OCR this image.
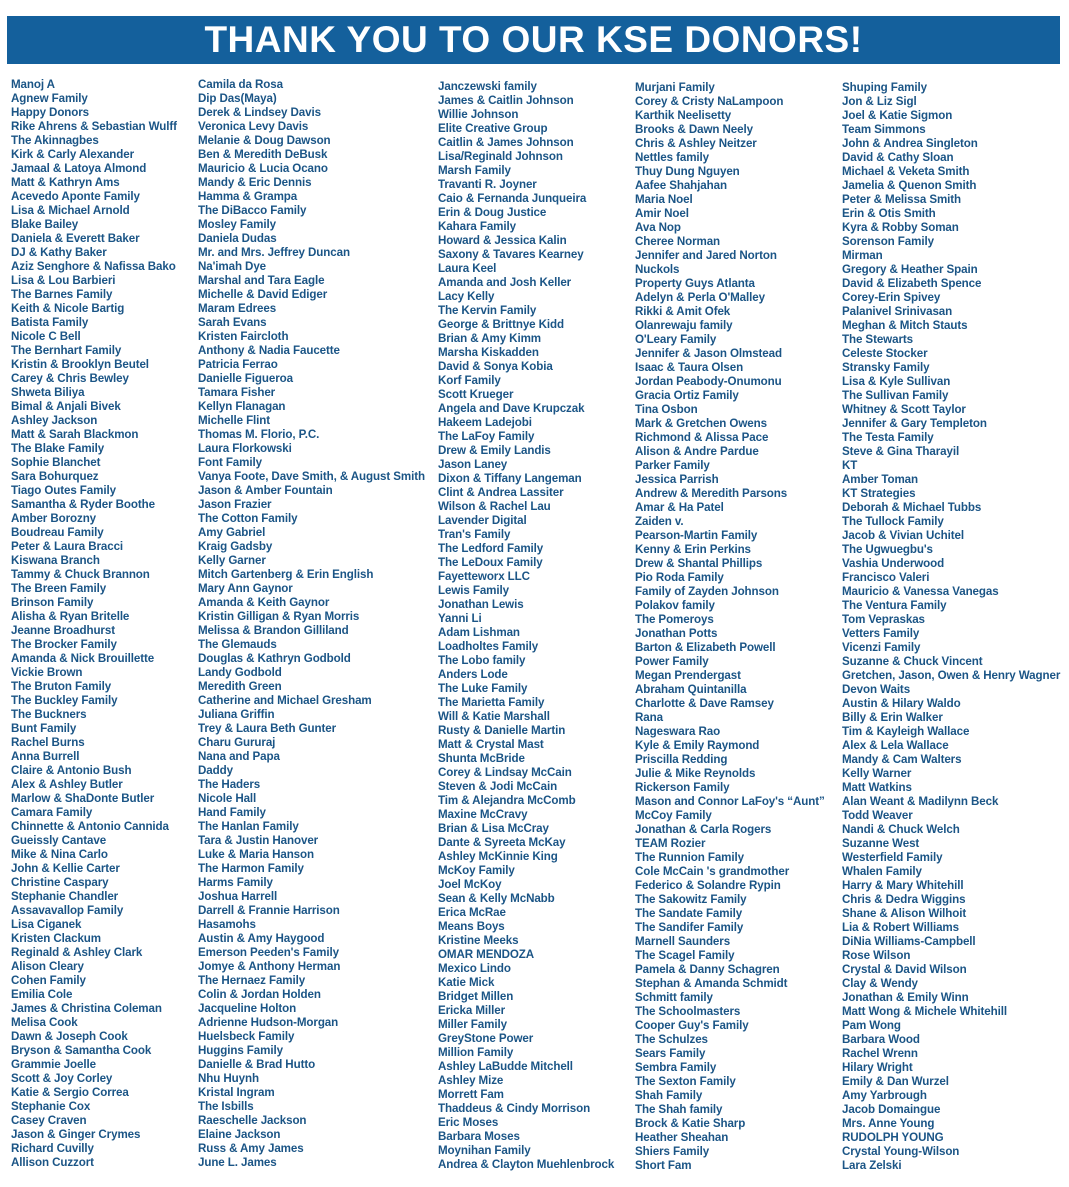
THANK YOU TO OUR KSE DONORS!
Manoj A
Agnew Family
Happy Donors
Rike Ahrens & Sebastian Wulff
The Akinnagbes
Kirk & Carly Alexander
Jamaal & Latoya Almond
Matt & Kathryn Ams
Acevedo Aponte Family
Lisa & Michael Arnold
Blake Bailey
Daniela & Everett Baker
DJ & Kathy Baker
Aziz Senghore & Nafissa Bako
Lisa & Lou Barbieri
The Barnes Family
Keith & Nicole Bartig
Batista Family
Nicole C Bell
The Bernhart Family
Kristin & Brooklyn Beutel
Carey & Chris Bewley
Shweta Biliya
Bimal & Anjali Bivek
Ashley Jackson
Matt & Sarah Blackmon
The Blake Family
Sophie Blanchet
Sara Bohurquez
Tiago Outes Family
Samantha & Ryder Boothe
Amber Borozny
Boudreau Family
Peter & Laura Bracci
Kiswana Branch
Tammy & Chuck Brannon
The Breen Family
Brinson Family
Alisha & Ryan Britelle
Jeanne Broadhurst
The Brocker Family
Amanda & Nick Brouillette
Vickie Brown
The Bruton Family
The Buckley Family
The Buckners
Bunt Family
Rachel Burns
Anna Burrell
Claire & Antonio Bush
Alex & Ashley Butler
Marlow & ShaDonte Butler
Camara Family
Chinnette & Antonio Cannida
Gueissly Cantave
Mike & Nina Carlo
John & Kellie Carter
Christine Caspary
Stephanie Chandler
Assavavallop Family
Lisa Ciganek
Kristen Clackum
Reginald & Ashley Clark
Alison Cleary
Cohen Family
Emilia Cole
James & Christina Coleman
Melisa Cook
Dawn & Joseph Cook
Bryson & Samantha Cook
Grammie Joelle
Scott & Joy Corley
Katie & Sergio Correa
Stephanie Cox
Casey Craven
Jason & Ginger Crymes
Richard Cuvilly
Allison Cuzzort
Camila da Rosa
Dip Das(Maya)
Derek & Lindsey Davis
Veronica Levy Davis
Melanie & Doug Dawson
Ben & Meredith DeBusk
Mauricio & Lucia Ocano
Mandy & Eric Dennis
Hamma & Grampa
The DiBacco Family
Mosley Family
Daniela Dudas
Mr. and Mrs. Jeffrey Duncan
Na'imah Dye
Marshal and Tara Eagle
Michelle & David Ediger
Maram Edrees
Sarah Evans
Kristen Faircloth
Anthony & Nadia Faucette
Patricia Ferrao
Danielle Figueroa
Tamara Fisher
Kellyn Flanagan
Michelle Flint
Thomas M. Florio, P.C.
Laura Florkowski
Font Family
Vanya Foote, Dave Smith, & August Smith
Jason & Amber Fountain
Jason Frazier
The Cotton Family
Amy Gabriel
Kraig Gadsby
Kelly Garner
Mitch Gartenberg & Erin English
Mary Ann Gaynor
Amanda & Keith Gaynor
Kristin Gilligan & Ryan Morris
Melissa & Brandon Gilliland
The Glemauds
Douglas & Kathryn Godbold
Landy Godbold
Meredith Green
Catherine and Michael Gresham
Juliana Griffin
Trey & Laura Beth Gunter
Charu Gururaj
Nana and Papa
Daddy
The Haders
Nicole Hall
Hand Family
The Hanlan Family
Tara & Justin Hanover
Luke & Maria Hanson
The Harmon Family
Harms Family
Joshua Harrell
Darrell & Frannie Harrison
Hasamohs
Austin & Amy Haygood
Emerson Peeden's Family
Jomye & Anthony Herman
The Hernaez Family
Colin & Jordan Holden
Jacqueline Holton
Adrienne Hudson-Morgan
Huelsbeck Family
Huggins Family
Danielle & Brad Hutto
Nhu Huynh
Kristal Ingram
The Isbills
Raeschelle Jackson
Elaine Jackson
Russ & Amy James
June L. James
Janczewski family
James & Caitlin Johnson
Willie Johnson
Elite Creative Group
Caitlin & James Johnson
Lisa/Reginald Johnson
Marsh Family
Travanti R. Joyner
Caio & Fernanda Junqueira
Erin & Doug Justice
Kahara Family
Howard & Jessica Kalin
Saxony & Tavares Kearney
Laura Keel
Amanda and Josh Keller
Lacy Kelly
The Kervin Family
George & Brittnye Kidd
Brian & Amy Kimm
Marsha Kiskadden
David & Sonya Kobia
Korf Family
Scott Krueger
Angela and Dave Krupczak
Hakeem Ladejobi
The LaFoy Family
Drew & Emily Landis
Jason Laney
Dixon & Tiffany Langeman
Clint & Andrea Lassiter
Wilson & Rachel Lau
Lavender Digital
Tran's Family
The Ledford Family
The LeDoux Family
Fayetteworx LLC
Lewis Family
Jonathan Lewis
Yanni Li
Adam Lishman
Loadholtes Family
The Lobo family
Anders Lode
The Luke Family
The Marietta Family
Will & Katie Marshall
Rusty & Danielle Martin
Matt & Crystal Mast
Shunta McBride
Corey & Lindsay McCain
Steven & Jodi McCain
Tim & Alejandra McComb
Maxine McCravy
Brian & Lisa McCray
Dante & Syreeta McKay
Ashley McKinnie King
McKoy Family
Joel McKoy
Sean & Kelly McNabb
Erica McRae
Means Boys
Kristine Meeks
OMAR MENDOZA
Mexico Lindo
Katie Mick
Bridget Millen
Ericka Miller
Miller Family
GreyStone Power
Million Family
Ashley LaBudde Mitchell
Ashley Mize
Morrett Fam
Thaddeus & Cindy Morrison
Eric Moses
Barbara Moses
Moynihan Family
Andrea & Clayton Muehlenbrock
Murjani Family
Corey & Cristy NaLampoon
Karthik Neelisetty
Brooks & Dawn Neely
Chris & Ashley Neitzer
Nettles family
Thuy Dung Nguyen
Aafee Shahjahan
Maria Noel
Amir Noel
Ava Nop
Cheree Norman
Jennifer and Jared Norton
Nuckols
Property Guys Atlanta
Adelyn & Perla O'Malley
Rikki & Amit Ofek
Olanrewaju family
O'Leary Family
Jennifer & Jason Olmstead
Isaac & Taura Olsen
Jordan Peabody-Onumonu
Gracia Ortiz Family
Tina Osbon
Mark & Gretchen Owens
Richmond & Alissa Pace
Alison & Andre Pardue
Parker Family
Jessica Parrish
Andrew & Meredith Parsons
Amar & Ha Patel
Zaiden v.
Pearson-Martin Family
Kenny & Erin Perkins
Drew & Shantal Phillips
Pio Roda Family
Family of Zayden Johnson
Polakov family
The Pomeroys
Jonathan Potts
Barton & Elizabeth Powell
Power Family
Megan Prendergast
Abraham Quintanilla
Charlotte & Dave Ramsey
Rana
Nageswara Rao
Kyle & Emily Raymond
Priscilla Redding
Julie & Mike Reynolds
Rickerson Family
Mason and Connor LaFoy's “Aunt”
McCoy Family
Jonathan & Carla Rogers
TEAM Rozier
The Runnion Family
Cole McCain 's grandmother
Federico & Solandre Rypin
The Sakowitz Family
The Sandate Family
The Sandifer Family
Marnell Saunders
The Scagel Family
Pamela & Danny Schagren
Stephan & Amanda Schmidt
Schmitt family
The Schoolmasters
Cooper Guy's Family
The Schulzes
Sears Family
Sembra Family
The Sexton Family
Shah Family
The Shah family
Brock & Katie Sharp
Heather Sheahan
Shiers Family
Short Fam
Shuping Family
Jon & Liz Sigl
Joel & Katie Sigmon
Team Simmons
John & Andrea Singleton
David & Cathy Sloan
Michael & Veketa Smith
Jamelia & Quenon Smith
Peter & Melissa Smith
Erin & Otis Smith
Kyra & Robby Soman
Sorenson Family
Mirman
Gregory & Heather Spain
David & Elizabeth Spence
Corey-Erin Spivey
Palanivel Srinivasan
Meghan & Mitch Stauts
The Stewarts
Celeste Stocker
Stransky Family
Lisa & Kyle Sullivan
The Sullivan Family
Whitney & Scott Taylor
Jennifer & Gary Templeton
The Testa Family
Steve & Gina Tharayil
KT
Amber Toman
KT Strategies
Deborah & Michael Tubbs
The Tullock Family
Jacob & Vivian Uchitel
The Ugwuegbu's
Vashia Underwood
Francisco Valeri
Mauricio & Vanessa Vanegas
The Ventura Family
Tom Vepraskas
Vetters Family
Vicenzi Family
Suzanne & Chuck Vincent
Gretchen, Jason, Owen & Henry Wagner
Devon Waits
Austin & Hilary Waldo
Billy & Erin Walker
Tim & Kayleigh Wallace
Alex & Lela Wallace
Mandy & Cam Walters
Kelly Warner
Matt Watkins
Alan Weant & Madilynn Beck
Todd Weaver
Nandi & Chuck Welch
Suzanne West
Westerfield Family
Whalen Family
Harry & Mary Whitehill
Chris & Dedra Wiggins
Shane & Alison Wilhoit
Lia & Robert Williams
DiNia Williams-Campbell
Rose Wilson
Crystal & David Wilson
Clay & Wendy
Jonathan & Emily Winn
Matt Wong & Michele Whitehill
Pam Wong
Barbara Wood
Rachel Wrenn
Hilary Wright
Emily & Dan Wurzel
Amy Yarbrough
Jacob Domaingue
Mrs. Anne Young
RUDOLPH YOUNG
Crystal Young-Wilson
Lara Zelski
